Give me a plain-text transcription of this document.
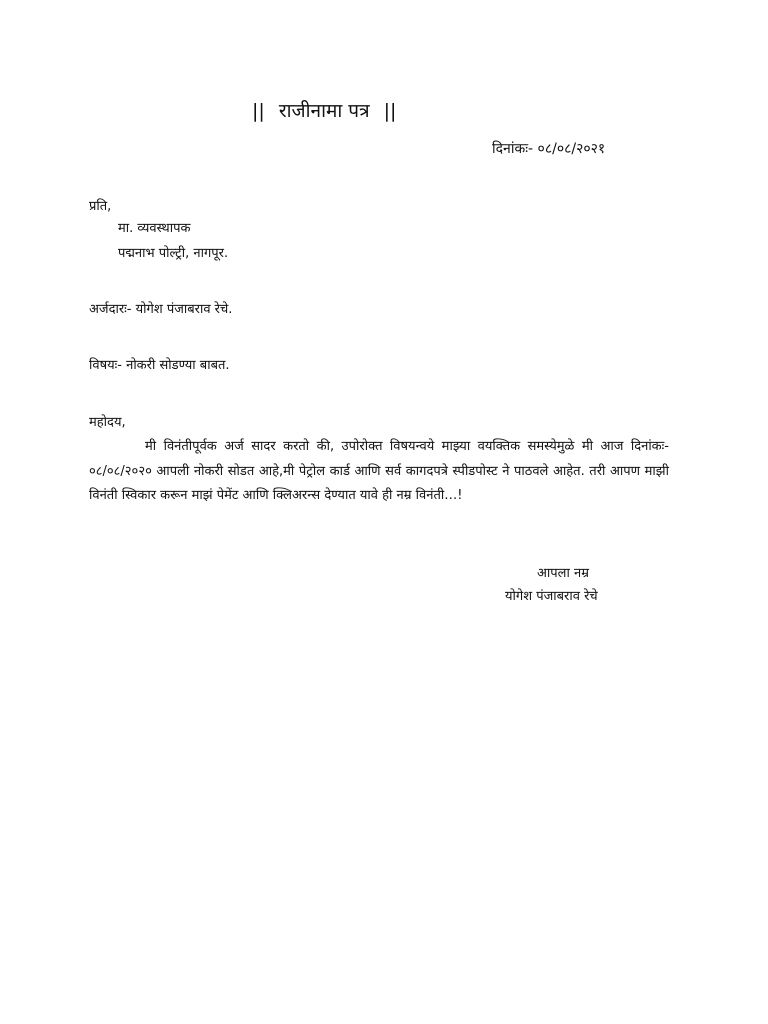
|| राजीनामा पत्र ||
दिनांकः- ०८/०८/२०२१
प्रति,
मा. व्यवस्थापक
पद्मनाभ पोल्ट्री, नागपूर.
अर्जदारः- योगेश पंजाबराव रेचे.
विषयः- नोकरी सोडण्या बाबत.
महोदय,
मी विनंतीपूर्वक अर्ज सादर करतो की, उपोरोक्त विषयन्वये माझ्या वयक्तिक समस्येमुळे मी आज दिनांकः- ०८/०८/२०२० आपली नोकरी सोडत आहे,मी पेट्रोल कार्ड आणि सर्व कागदपत्रे स्पीडपोस्ट ने पाठवले आहेत. तरी आपण माझी विनंती स्विकार करून माझं पेमेंट आणि क्लिअरन्स देण्यात यावे ही नम्र विनंती…!
आपला नम्र
योगेश पंजाबराव रेचे
